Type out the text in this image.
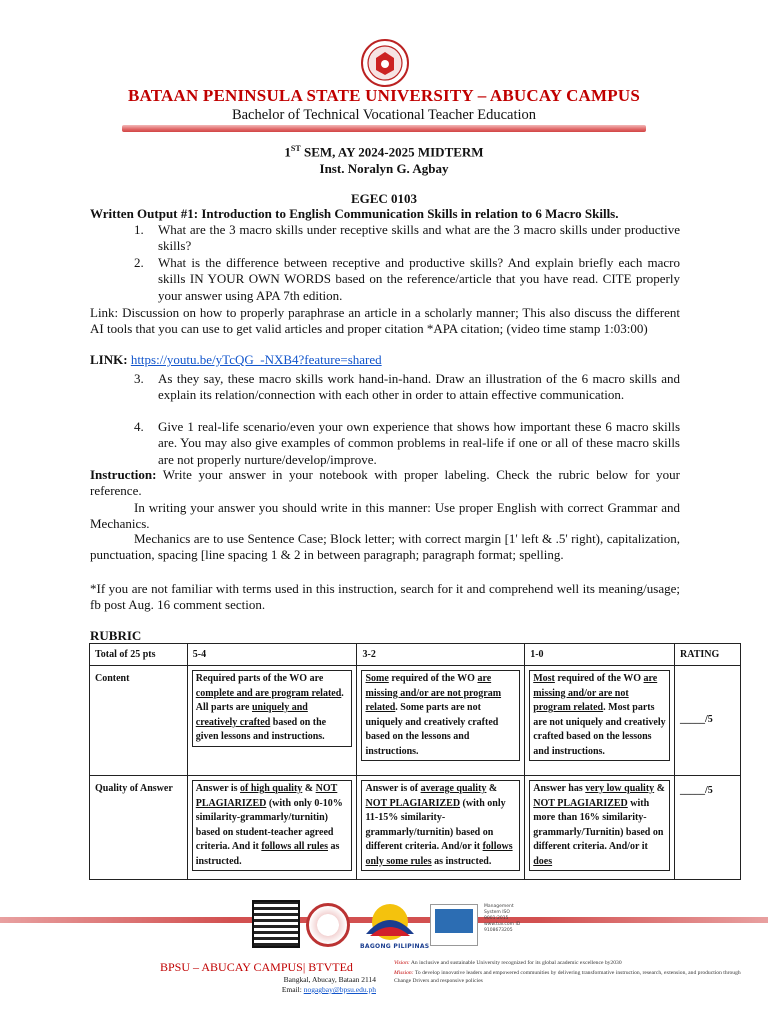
BATAAN PENINSULA STATE UNIVERSITY – ABUCAY CAMPUS
Bachelor of Technical Vocational Teacher Education
1ST SEM, AY 2024-2025 MIDTERM
Inst. Noralyn G. Agbay
EGEC 0103
Written Output #1: Introduction to English Communication Skills in relation to 6 Macro Skills.
1. What are the 3 macro skills under receptive skills and what are the 3 macro skills under productive skills?
2. What is the difference between receptive and productive skills? And explain briefly each macro skills IN YOUR OWN WORDS based on the reference/article that you have read. CITE properly your answer using APA 7th edition.
Link: Discussion on how to properly paraphrase an article in a scholarly manner; This also discuss the different AI tools that you can use to get valid articles and proper citation *APA citation; (video time stamp 1:03:00)
LINK: https://youtu.be/yTcQG_-NXB4?feature=shared
3. As they say, these macro skills work hand-in-hand. Draw an illustration of the 6 macro skills and explain its relation/connection with each other in order to attain effective communication.
4. Give 1 real-life scenario/even your own experience that shows how important these 6 macro skills are. You may also give examples of common problems in real-life if one or all of these macro skills are not properly nurture/develop/improve.
Instruction: Write your answer in your notebook with proper labeling. Check the rubric below for your reference.
In writing your answer you should write in this manner: Use proper English with correct Grammar and Mechanics.
Mechanics are to use Sentence Case; Block letter; with correct margin [1' left & .5' right), capitalization, punctuation, spacing [line spacing 1 & 2 in between paragraph; paragraph format; spelling.
*If you are not familiar with terms used in this instruction, search for it and comprehend well its meaning/usage; fb post Aug. 16 comment section.
RUBRIC
Total of 25 pts	5-4	3-2	1-0	RATING
Content	Required parts of the WO are complete and are program related. All parts are uniquely and creatively crafted based on the given lessons and instructions.	Some required of the WO are missing and/or are not program related. Some parts are not uniquely and creatively crafted based on the lessons and instructions.	Most required of the WO are missing and/or are not program related. Most parts are not uniquely and creatively crafted based on the lessons and instructions.	_____/5
Quality of Answer	Answer is of high quality & NOT PLAGIARIZED (with only 0-10% similarity-grammarly/turnitin) based on student-teacher agreed criteria. And it follows all rules as instructed.	Answer is of average quality & NOT PLAGIARIZED (with only 11-15% similarity-grammarly/turnitin) based on different criteria. And/or it follows only some rules as instructed.	Answer has very low quality & NOT PLAGIARIZED with more than 16% similarity-grammarly/Turnitin) based on different criteria. And/or it does	_____/5
BAGONG PILIPINAS
Management System ISO 9001:2015 www.tuv.com ID 9108673205
BPSU – ABUCAY CAMPUS| BTVTEd
Bangkal, Abucay, Bataan 2114
Email: nogagbay@bpsu.edu.ph
Vision: An inclusive and sustainable University recognized for its global academic excellence by2030
Mission: To develop innovative leaders and empowered communities by delivering transformative instruction, research, extension, and production through Change Drivers and responsive policies
